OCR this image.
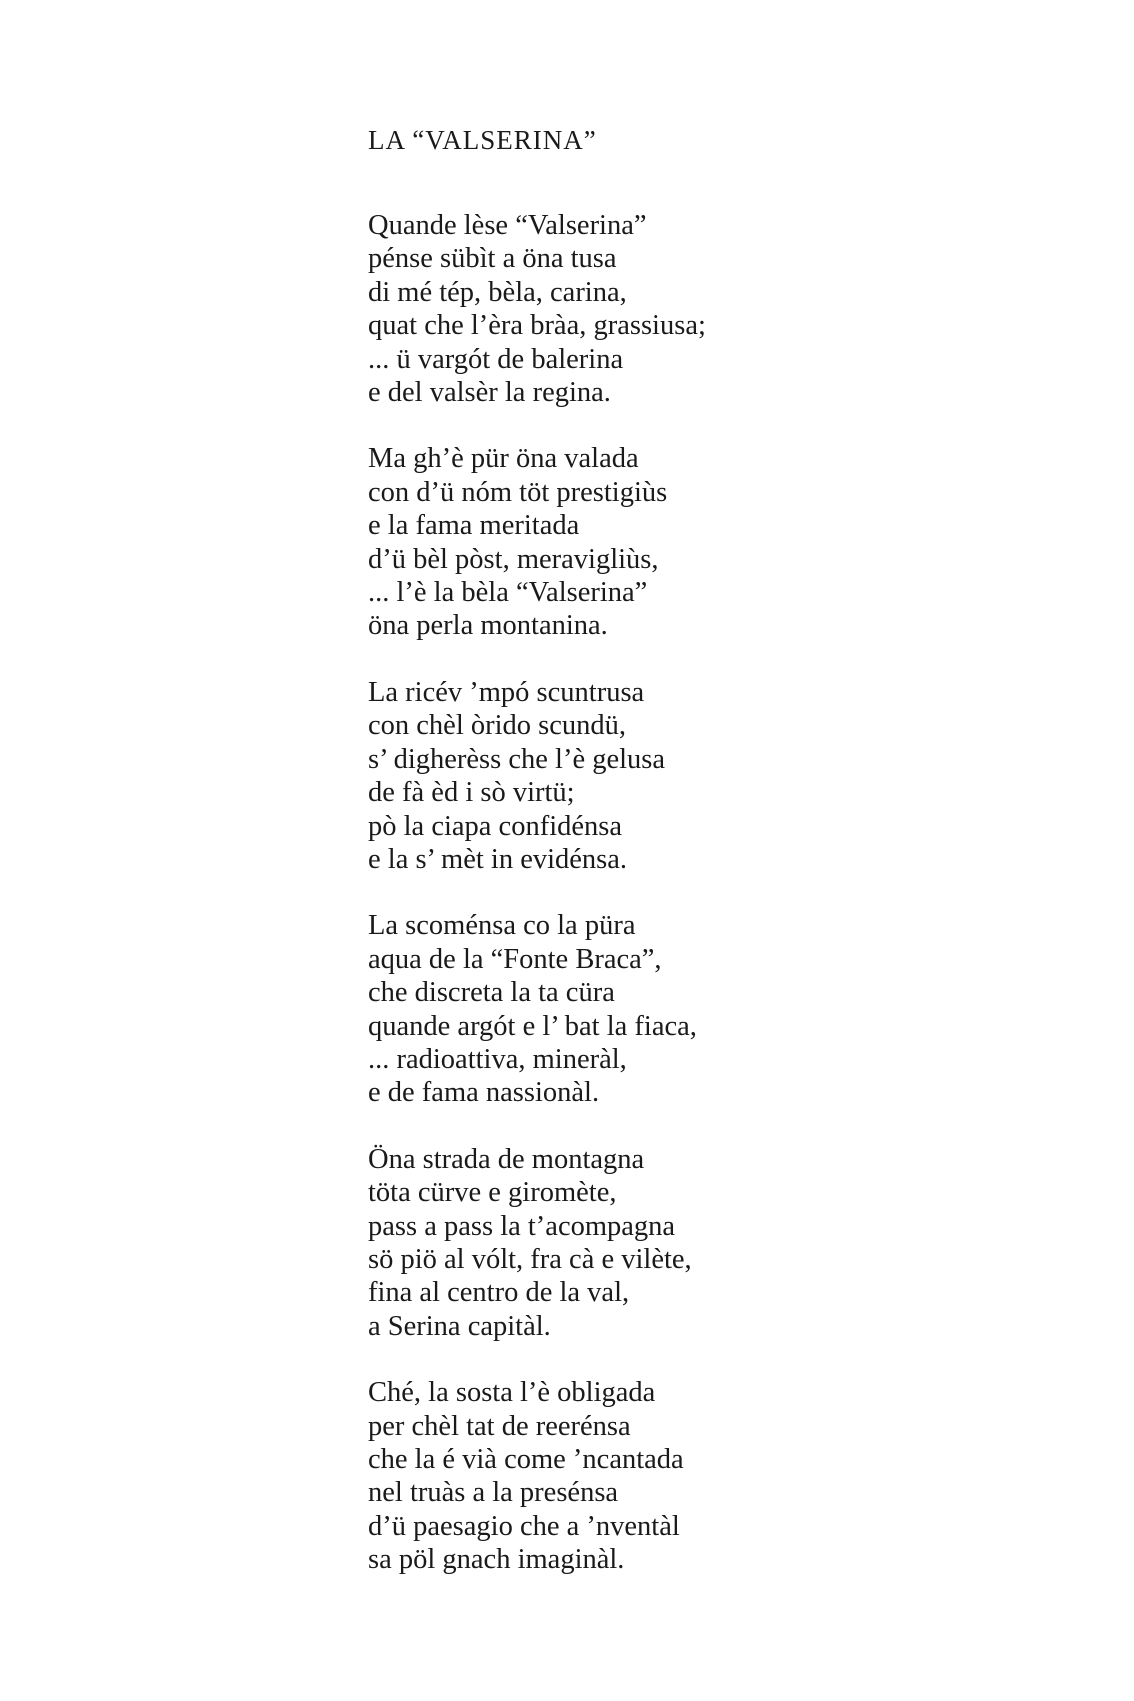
LA “VALSERINA”
Quande lèse “Valserina”
pénse sübìt a öna tusa
di mé tép, bèla, carina,
quat che l’èra bràa, grassiusa;
... ü vargót de balerina
e del valsèr la regina.
Ma gh’è pür öna valada
con d’ü nóm töt prestigiùs
e la fama meritada
d’ü bèl pòst, meravigliùs,
... l’è la bèla “Valserina”
öna perla montanina.
La ricév ’mpó scuntrusa
con chèl òrido scundü,
s’ digherèss che l’è gelusa
de fà èd i sò virtü;
pò la ciapa confidénsa
e la s’ mèt in evidénsa.
La scoménsa co la püra
aqua de la “Fonte Braca”,
che discreta la ta cüra
quande argót e l’ bat la fiaca,
... radioattiva, mineràl,
e de fama nassionàl.
Öna strada de montagna
töta cürve e giromète,
pass a pass la t’acompagna
sö piö al vólt, fra cà e vilète,
fina al centro de la val,
a Serina capitàl.
Ché, la sosta l’è obligada
per chèl tat de reerénsa
che la é vià come ’ncantada
nel truàs a la presénsa
d’ü paesagio che a ’nventàl
sa pöl gnach imaginàl.
